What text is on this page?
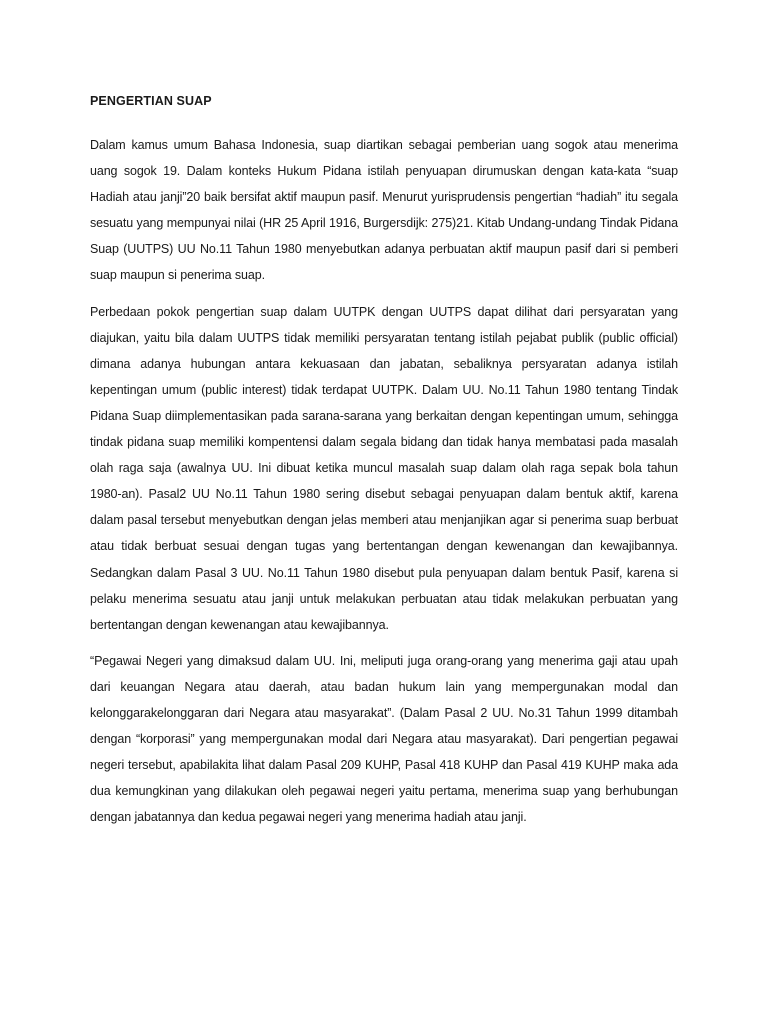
PENGERTIAN SUAP

Dalam kamus umum Bahasa Indonesia, suap diartikan sebagai pemberian uang sogok atau menerima uang sogok 19. Dalam konteks Hukum Pidana istilah penyuapan dirumuskan dengan kata-kata “suap Hadiah atau janji”20 baik bersifat aktif maupun pasif. Menurut yurisprudensis pengertian “hadiah” itu segala sesuatu yang mempunyai nilai (HR 25 April 1916, Burgersdijk: 275)21. Kitab Undang-undang Tindak Pidana Suap (UUTPS) UU No.11 Tahun 1980 menyebutkan adanya perbuatan aktif maupun pasif dari si pemberi suap maupun si penerima suap.

Perbedaan pokok pengertian suap dalam UUTPK dengan UUTPS dapat dilihat dari persyaratan yang diajukan, yaitu bila dalam UUTPS tidak memiliki persyaratan tentang istilah pejabat publik (public official) dimana adanya hubungan antara kekuasaan dan jabatan, sebaliknya persyaratan adanya istilah kepentingan umum (public interest) tidak terdapat UUTPK. Dalam UU. No.11 Tahun 1980 tentang Tindak Pidana Suap diimplementasikan pada sarana-sarana yang berkaitan dengan kepentingan umum, sehingga tindak pidana suap memiliki kompentensi dalam segala bidang dan tidak hanya membatasi pada masalah olah raga saja (awalnya UU. Ini dibuat ketika muncul masalah suap dalam olah raga sepak bola tahun 1980-an). Pasal2 UU No.11 Tahun 1980 sering disebut sebagai penyuapan dalam bentuk aktif, karena dalam pasal tersebut menyebutkan dengan jelas memberi atau menjanjikan agar si penerima suap berbuat atau tidak berbuat sesuai dengan tugas yang bertentangan dengan kewenangan dan kewajibannya. Sedangkan dalam Pasal 3 UU. No.11 Tahun 1980 disebut pula penyuapan dalam bentuk Pasif, karena si pelaku menerima sesuatu atau janji untuk melakukan perbuatan atau tidak melakukan perbuatan yang bertentangan dengan kewenangan atau kewajibannya.

“Pegawai Negeri yang dimaksud dalam UU. Ini, meliputi juga orang-orang yang menerima gaji atau upah dari keuangan Negara atau daerah, atau badan hukum lain yang mempergunakan modal dan kelonggarakelonggaran dari Negara atau masyarakat”. (Dalam Pasal 2 UU. No.31 Tahun 1999 ditambah dengan “korporasi” yang mempergunakan modal dari Negara atau masyarakat). Dari pengertian pegawai negeri tersebut, apabilakita lihat dalam Pasal 209 KUHP, Pasal 418 KUHP dan Pasal 419 KUHP maka ada dua kemungkinan yang dilakukan oleh pegawai negeri yaitu pertama, menerima suap yang berhubungan dengan jabatannya dan kedua pegawai negeri yang menerima hadiah atau janji.
